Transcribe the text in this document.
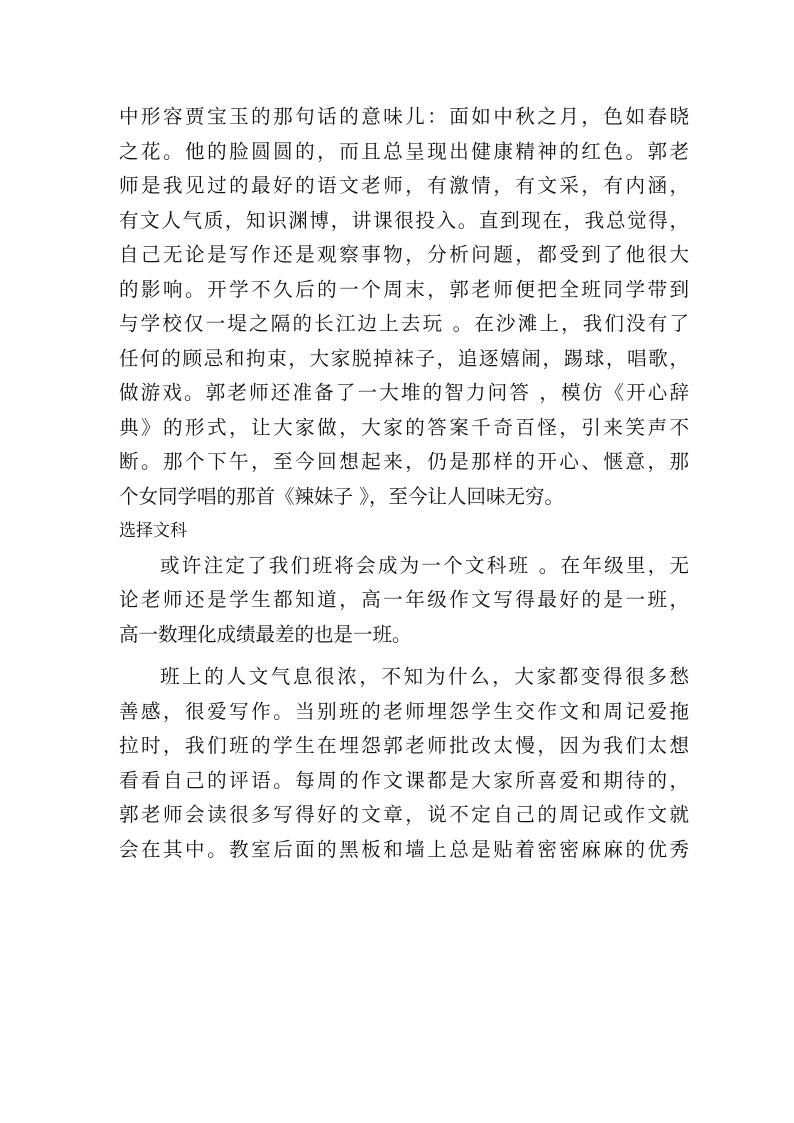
中形容贾宝玉的那句话的意味儿：面如中秋之月，色如春晓
之花。他的脸圆圆的，而且总呈现出健康精神的红色。郭老
师是我见过的最好的语文老师，有激情，有文采，有内涵，
有文人气质，知识渊博，讲课很投入。直到现在，我总觉得，
自己无论是写作还是观察事物，分析问题，都受到了他很大
的影响。开学不久后的一个周末，郭老师便把全班同学带到
与学校仅一堤之隔的长江边上去玩 。在沙滩上，我们没有了
任何的顾忌和拘束，大家脱掉袜子，追逐嬉闹，踢球，唱歌，
做游戏。郭老师还准备了一大堆的智力问答 ，模仿《开心辞
典》的形式，让大家做，大家的答案千奇百怪，引来笑声不
断。那个下午，至今回想起来，仍是那样的开心、惬意，那
个女同学唱的那首《辣妹子 》，至今让人回味无穷。
选择文科
或许注定了我们班将会成为一个文科班 。在年级里，无
论老师还是学生都知道，高一年级作文写得最好的是一班，
高一数理化成绩最差的也是一班。
班上的人文气息很浓，不知为什么，大家都变得很多愁
善感，很爱写作。当别班的老师埋怨学生交作文和周记爱拖
拉时，我们班的学生在埋怨郭老师批改太慢，因为我们太想
看看自己的评语。每周的作文课都是大家所喜爱和期待的，
郭老师会读很多写得好的文章，说不定自己的周记或作文就
会在其中。教室后面的黑板和墙上总是贴着密密麻麻的优秀
